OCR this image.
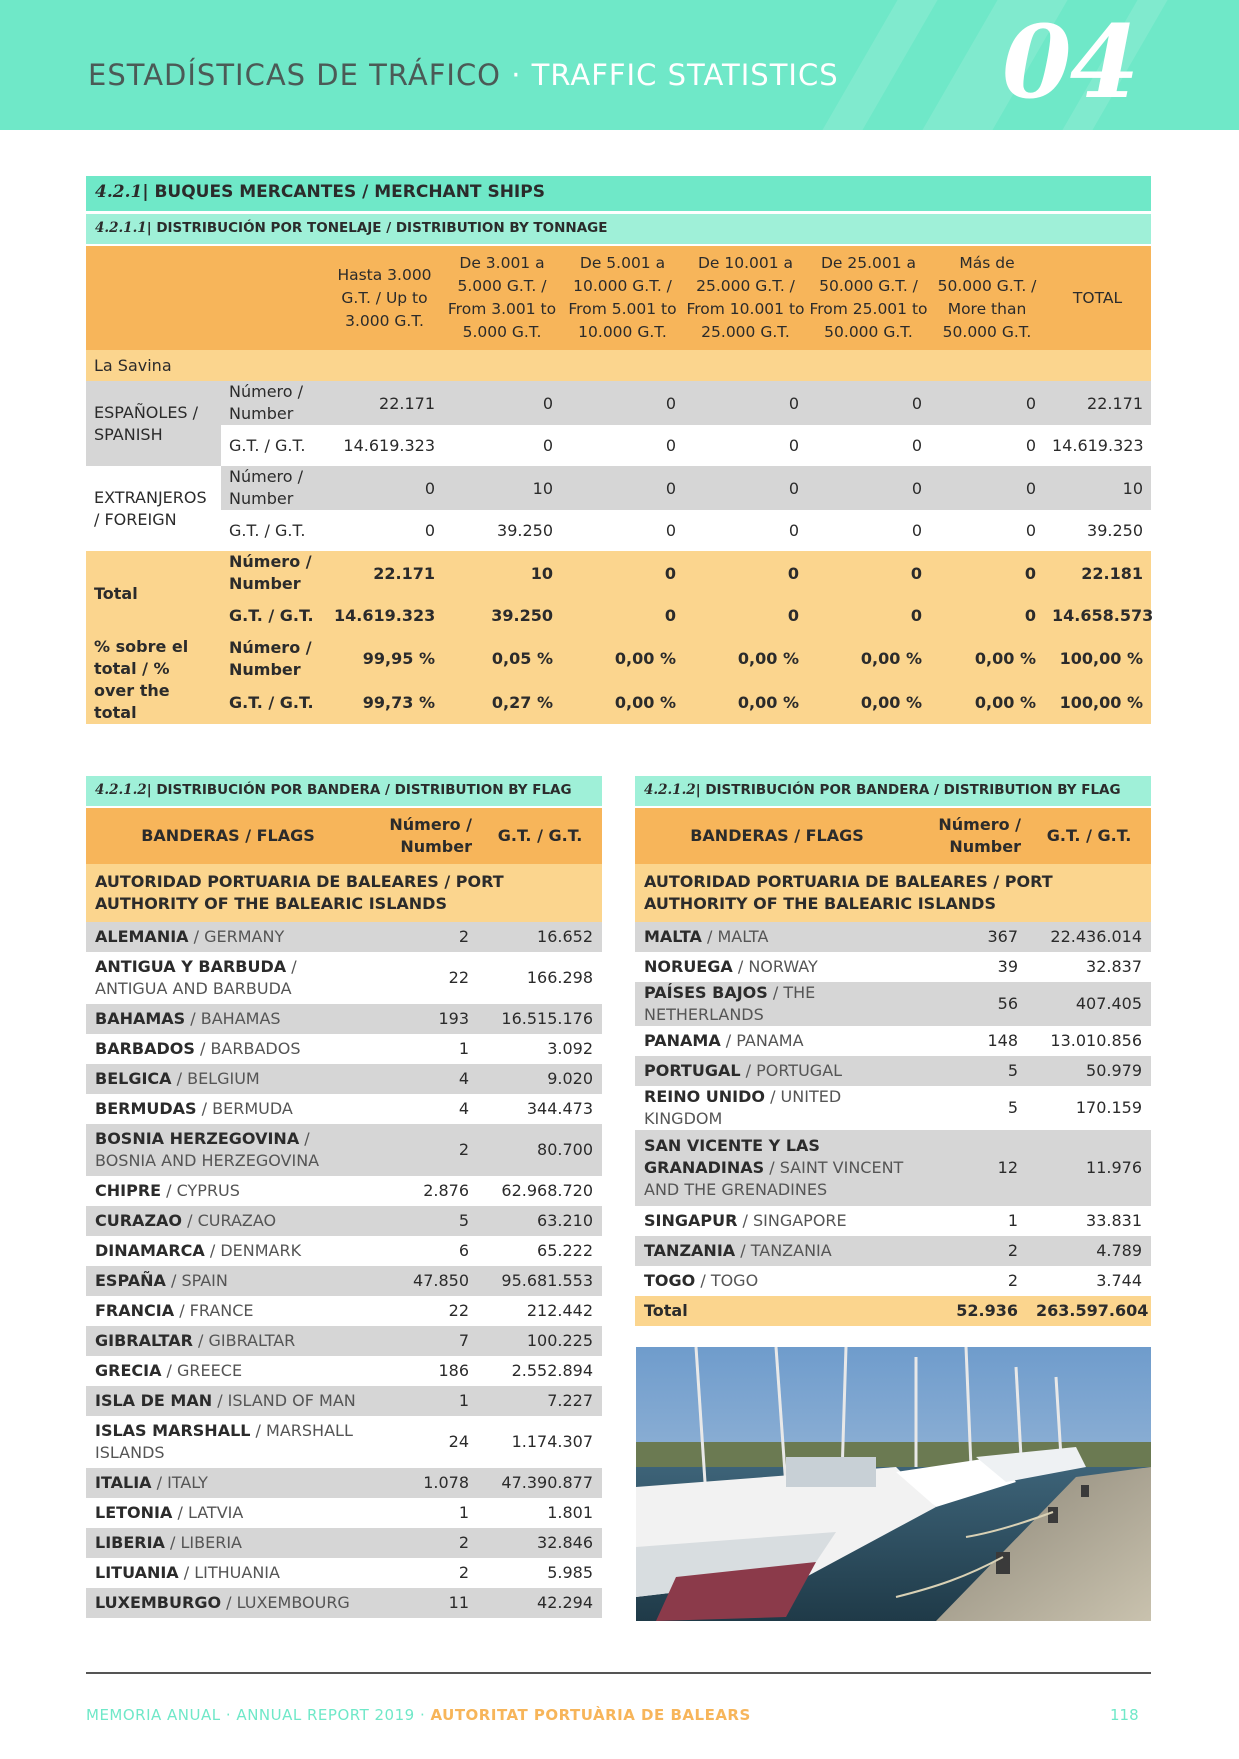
ESTADÍSTICAS DE TRÁFICO · TRAFFIC STATISTICS 04
4.2.1| BUQUES MERCANTES / MERCHANT SHIPS
4.2.1.1| DISTRIBUCIÓN POR TONELAJE / DISTRIBUTION BY TONNAGE
		Hasta 3.000 G.T. / Up to 3.000 G.T.	De 3.001 a 5.000 G.T. / From 3.001 to 5.000 G.T.	De 5.001 a 10.000 G.T. / From 5.001 to 10.000 G.T.	De 10.001 a 25.000 G.T. / From 10.001 to 25.000 G.T.	De 25.001 a 50.000 G.T. / From 25.001 to 50.000 G.T.	Más de 50.000 G.T. / More than 50.000 G.T.	TOTAL
La Savina								
ESPAÑOLES / SPANISH	Número / Number	22.171	0	0	0	0	0	22.171
	G.T. / G.T.	14.619.323	0	0	0	0	0	14.619.323
EXTRANJEROS / FOREIGN	Número / Number	0	10	0	0	0	0	10
	G.T. / G.T.	0	39.250	0	0	0	0	39.250
Total	Número / Number	22.171	10	0	0	0	0	22.181
	G.T. / G.T.	14.619.323	39.250	0	0	0	0	14.658.573
% sobre el total / % over the total	Número / Number	99,95 %	0,05 %	0,00 %	0,00 %	0,00 %	0,00 %	100,00 %
	G.T. / G.T.	99,73 %	0,27 %	0,00 %	0,00 %	0,00 %	0,00 %	100,00 %
4.2.1.2| DISTRIBUCIÓN POR BANDERA / DISTRIBUTION BY FLAG
BANDERAS / FLAGS	Número / Number	G.T. / G.T.
AUTORIDAD PORTUARIA DE BALEARES / PORT AUTHORITY OF THE BALEARIC ISLANDS		
ALEMANIA / GERMANY	2	16.652
ANTIGUA Y BARBUDA / ANTIGUA AND BARBUDA	22	166.298
BAHAMAS / BAHAMAS	193	16.515.176
BARBADOS / BARBADOS	1	3.092
BELGICA / BELGIUM	4	9.020
BERMUDAS / BERMUDA	4	344.473
BOSNIA HERZEGOVINA / BOSNIA AND HERZEGOVINA	2	80.700
CHIPRE / CYPRUS	2.876	62.968.720
CURAZAO / CURAZAO	5	63.210
DINAMARCA / DENMARK	6	65.222
ESPAÑA / SPAIN	47.850	95.681.553
FRANCIA / FRANCE	22	212.442
GIBRALTAR / GIBRALTAR	7	100.225
GRECIA / GREECE	186	2.552.894
ISLA DE MAN / ISLAND OF MAN	1	7.227
ISLAS MARSHALL / MARSHALL ISLANDS	24	1.174.307
ITALIA / ITALY	1.078	47.390.877
LETONIA / LATVIA	1	1.801
LIBERIA / LIBERIA	2	32.846
LITUANIA / LITHUANIA	2	5.985
LUXEMBURGO / LUXEMBOURG	11	42.294
4.2.1.2| DISTRIBUCIÓN POR BANDERA / DISTRIBUTION BY FLAG
BANDERAS / FLAGS	Número / Number	G.T. / G.T.
AUTORIDAD PORTUARIA DE BALEARES / PORT AUTHORITY OF THE BALEARIC ISLANDS		
MALTA / MALTA	367	22.436.014
NORUEGA / NORWAY	39	32.837
PAÍSES BAJOS / THE NETHERLANDS	56	407.405
PANAMA / PANAMA	148	13.010.856
PORTUGAL / PORTUGAL	5	50.979
REINO UNIDO / UNITED KINGDOM	5	170.159
SAN VICENTE Y LAS GRANADINAS / SAINT VINCENT AND THE GRENADINES	12	11.976
SINGAPUR / SINGAPORE	1	33.831
TANZANIA / TANZANIA	2	4.789
TOGO / TOGO	2	3.744
Total	52.936	263.597.604
MEMORIA ANUAL · ANNUAL REPORT 2019 · AUTORITAT PORTUÀRIA DE BALEARS	118
